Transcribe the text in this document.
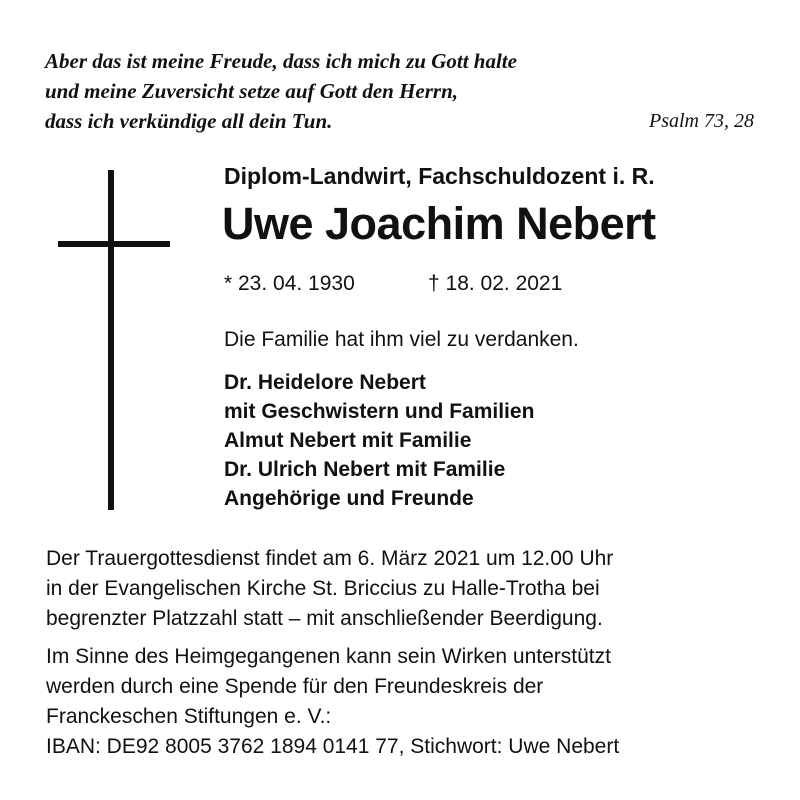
Aber das ist meine Freude, dass ich mich zu Gott halte
und meine Zuversicht setze auf Gott den Herrn,
dass ich verkündige all dein Tun.	Psalm 73, 28
Diplom-Landwirt, Fachschuldozent i. R.
Uwe Joachim Nebert
* 23. 04. 1930	† 18. 02. 2021
Die Familie hat ihm viel zu verdanken.
Dr. Heidelore Nebert
mit Geschwistern und Familien
Almut Nebert mit Familie
Dr. Ulrich Nebert mit Familie
Angehörige und Freunde
Der Trauergottesdienst findet am 6. März 2021 um 12.00 Uhr
in der Evangelischen Kirche St. Briccius zu Halle-Trotha bei
begrenzter Platzzahl statt – mit anschließender Beerdigung.
Im Sinne des Heimgegangenen kann sein Wirken unterstützt
werden durch eine Spende für den Freundeskreis der
Franckeschen Stiftungen e. V.:
IBAN: DE92 8005 3762 1894 0141 77, Stichwort: Uwe Nebert
